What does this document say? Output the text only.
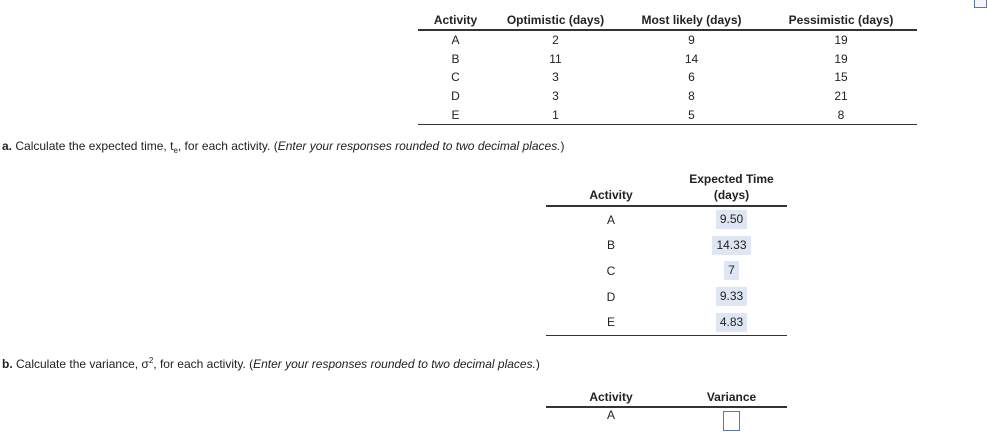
Activity	Optimistic (days)	Most likely (days)	Pessimistic (days)
A	2	9	19
B	11	14	19
C	3	6	15
D	3	8	21
E	1	5	8
a. Calculate the expected time, $t_e$, for each activity. (Enter your responses rounded to two decimal places.)
Activity	Expected Time
(days)
A	9.50
B	14.33
C	7
D	9.33
E	4.83
b. Calculate the variance, $\sigma^2$, for each activity. (Enter your responses rounded to two decimal places.)
Activity	Variance
A	
